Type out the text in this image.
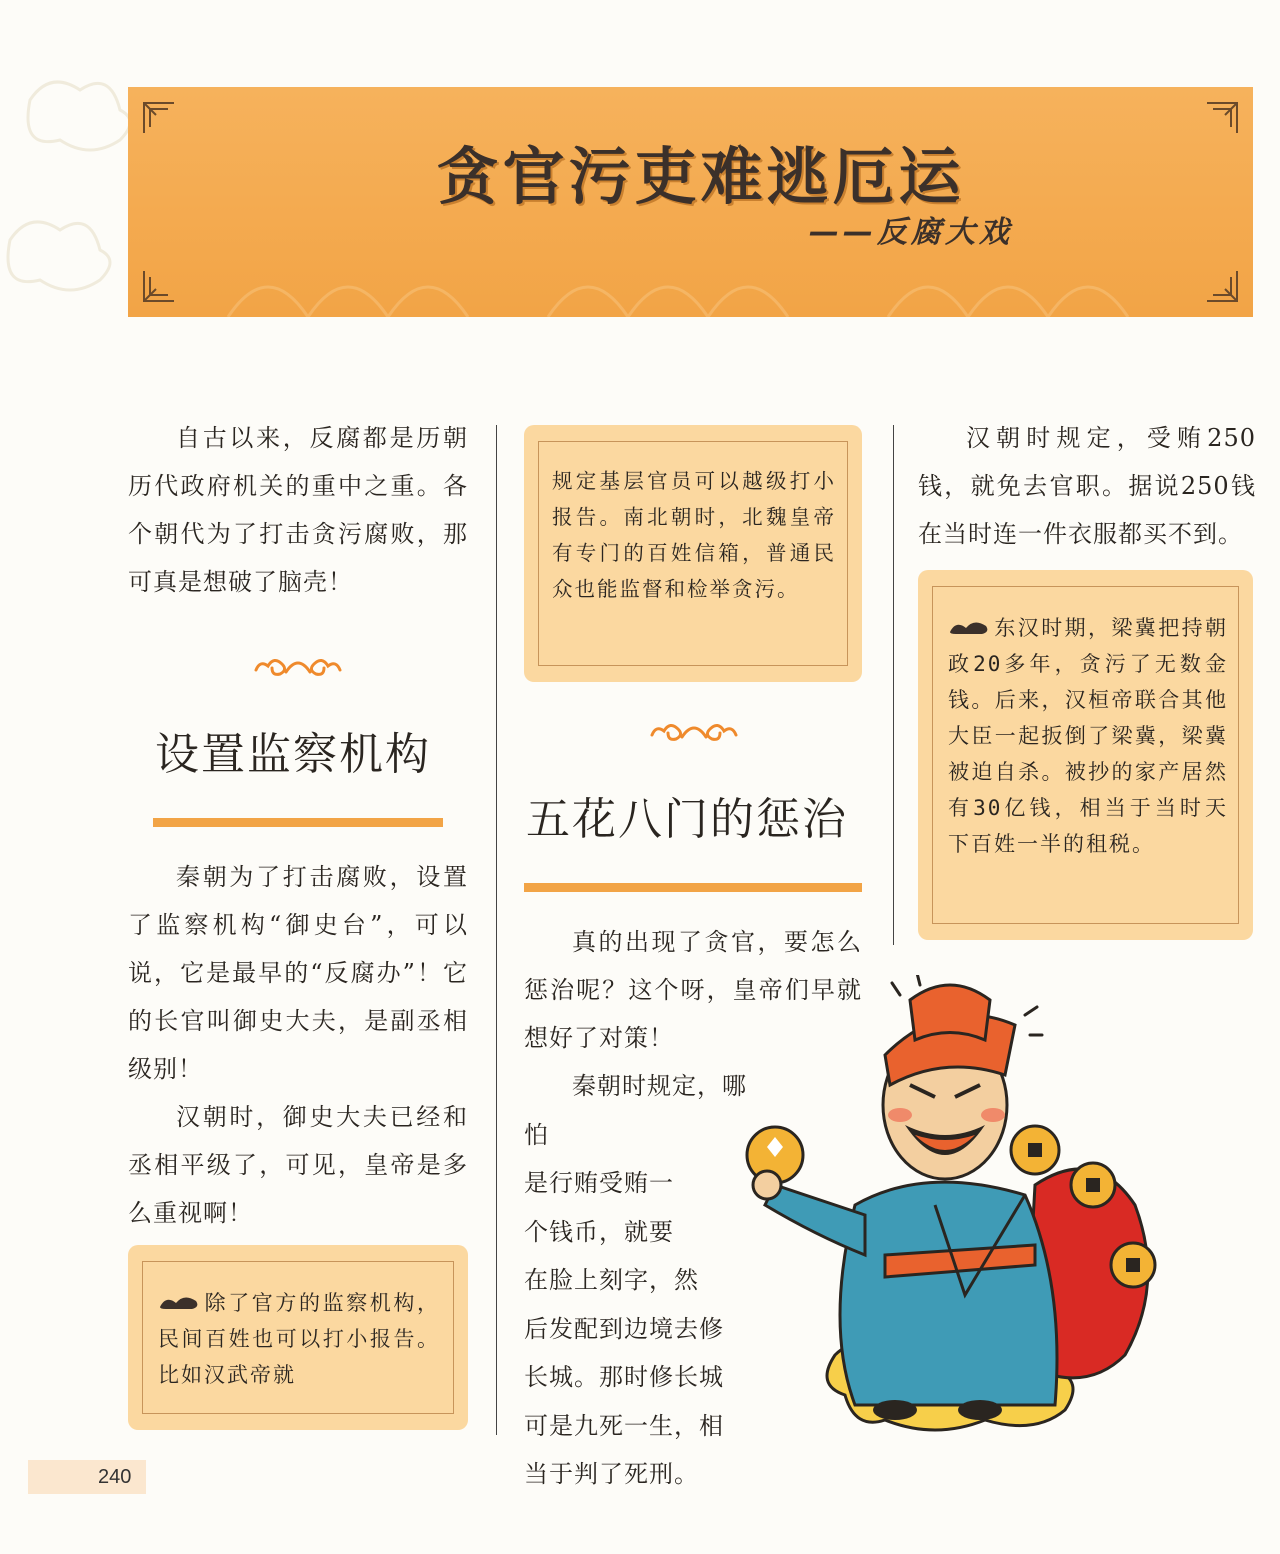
贪官污吏难逃厄运
——反腐大戏

自古以来，反腐都是历朝历代政府机关的重中之重。各个朝代为了打击贪污腐败，那可真是想破了脑壳！

设置监察机构

秦朝为了打击腐败，设置了监察机构“御史台”，可以说，它是最早的“反腐办”！它的长官叫御史大夫，是副丞相级别！

汉朝时，御史大夫已经和丞相平级了，可见，皇帝是多么重视啊！

除了官方的监察机构，民间百姓也可以打小报告。比如汉武帝就

规定基层官员可以越级打小报告。南北朝时，北魏皇帝有专门的百姓信箱，普通民众也能监督和检举贪污。

五花八门的惩治

真的出现了贪官，要怎么惩治呢？这个呀，皇帝们早就想好了对策！

秦朝时规定，哪怕
是行贿受贿一
个钱币，就要
在脸上刻字，然
后发配到边境去修
长城。那时修长城
可是九死一生，相
当于判了死刑。

汉朝时规定，受贿250钱，就免去官职。据说250钱在当时连一件衣服都买不到。

东汉时期，梁冀把持朝政20多年，贪污了无数金钱。后来，汉桓帝联合其他大臣一起扳倒了梁冀，梁冀被迫自杀。被抄的家产居然有30亿钱，相当于当时天下百姓一半的租税。

240
